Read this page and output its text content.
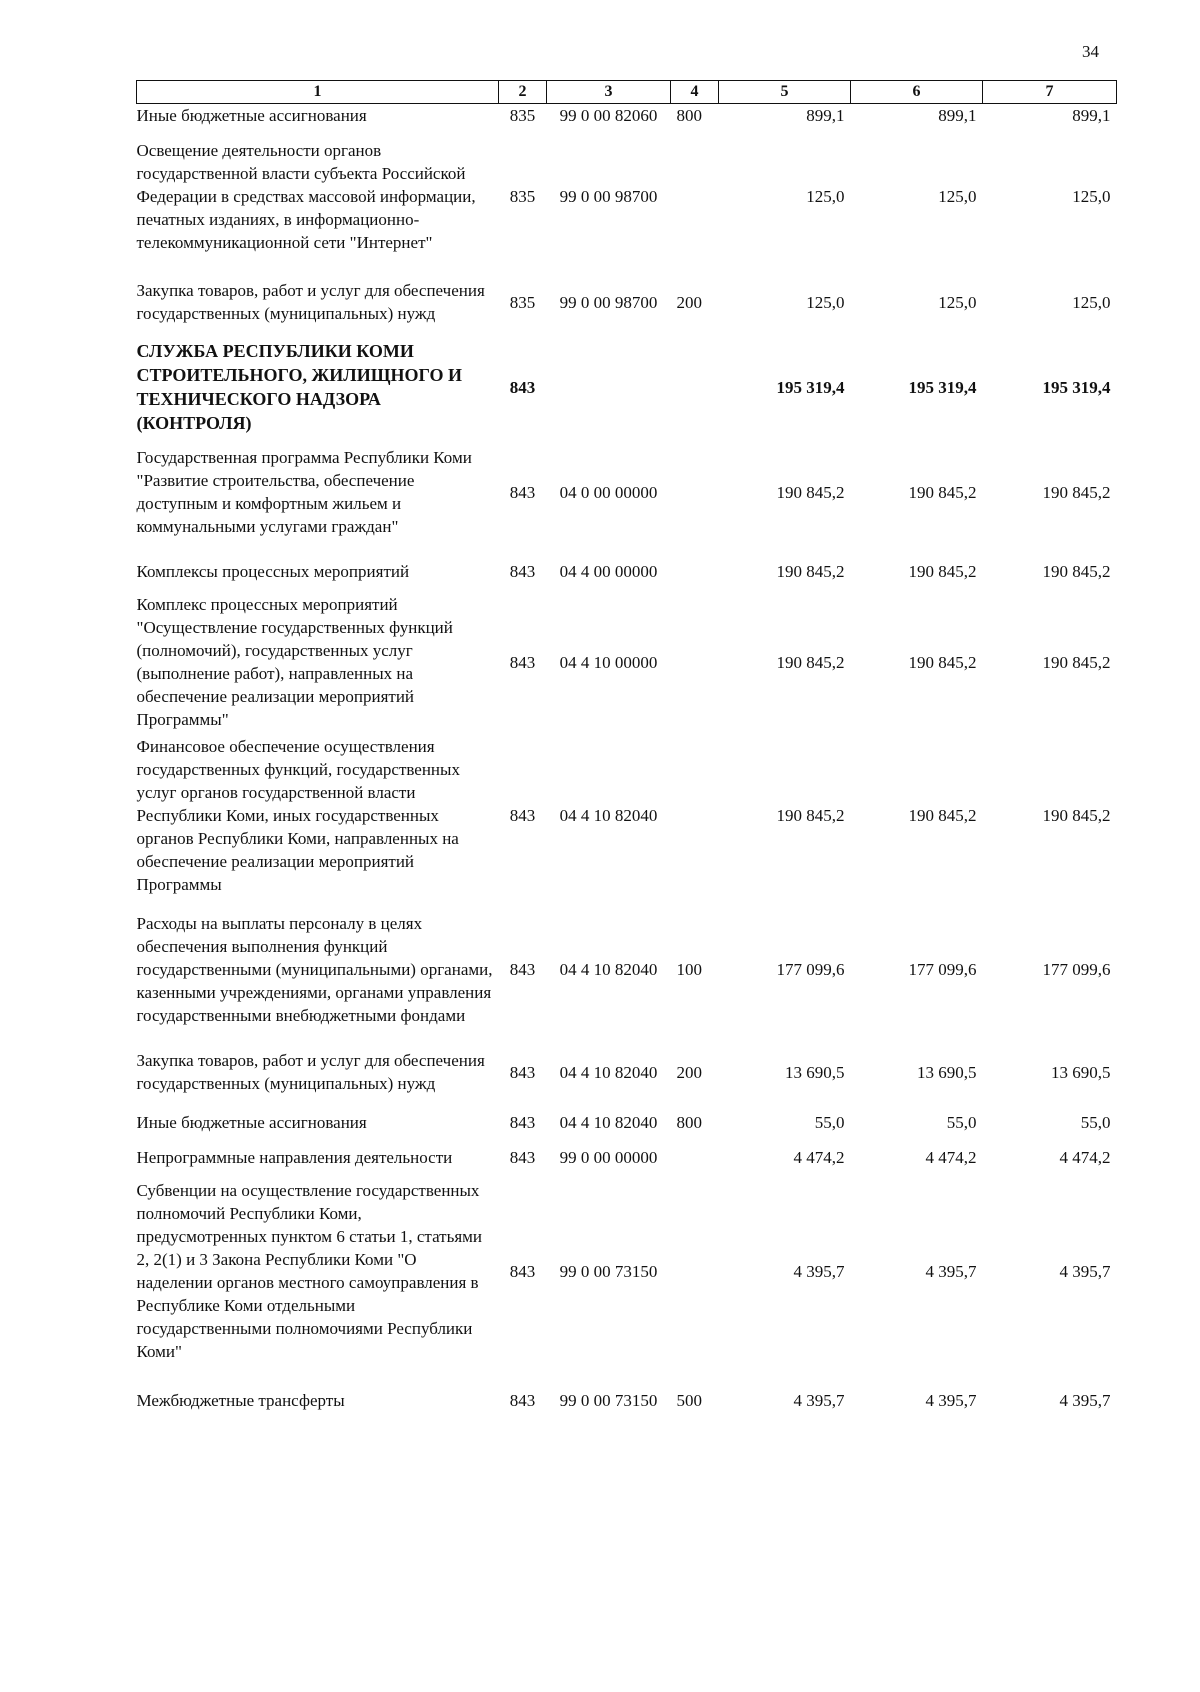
34
1	2	3	4	5	6	7
Иные бюджетные ассигнования	835	99 0 00 82060	800	899,1	899,1	899,1
Освещение деятельности органов государственной власти субъекта Российской Федерации в средствах массовой информации, печатных изданиях, в информационно-телекоммуникационной сети "Интернет"	835	99 0 00 98700		125,0	125,0	125,0
Закупка товаров, работ и услуг для обеспечения государственных (муниципальных) нужд	835	99 0 00 98700	200	125,0	125,0	125,0
СЛУЖБА РЕСПУБЛИКИ КОМИ СТРОИТЕЛЬНОГО, ЖИЛИЩНОГО И ТЕХНИЧЕСКОГО НАДЗОРА (КОНТРОЛЯ)	843			195 319,4	195 319,4	195 319,4
Государственная программа Республики Коми "Развитие строительства, обеспечение доступным и комфортным жильем и коммунальными услугами граждан"	843	04 0 00 00000		190 845,2	190 845,2	190 845,2
Комплексы процессных мероприятий	843	04 4 00 00000		190 845,2	190 845,2	190 845,2
Комплекс процессных мероприятий "Осуществление государственных функций (полномочий), государственных услуг (выполнение работ), направленных на обеспечение реализации мероприятий Программы"	843	04 4 10 00000		190 845,2	190 845,2	190 845,2
Финансовое обеспечение осуществления государственных функций, государственных услуг органов государственной власти Республики Коми, иных государственных органов Республики Коми, направленных на обеспечение реализации мероприятий Программы	843	04 4 10 82040		190 845,2	190 845,2	190 845,2
Расходы на выплаты персоналу в целях обеспечения выполнения функций государственными (муниципальными) органами, казенными учреждениями, органами управления государственными внебюджетными фондами	843	04 4 10 82040	100	177 099,6	177 099,6	177 099,6
Закупка товаров, работ и услуг для обеспечения государственных (муниципальных) нужд	843	04 4 10 82040	200	13 690,5	13 690,5	13 690,5
Иные бюджетные ассигнования	843	04 4 10 82040	800	55,0	55,0	55,0
Непрограммные направления деятельности	843	99 0 00 00000		4 474,2	4 474,2	4 474,2
Субвенции на осуществление государственных полномочий Республики Коми, предусмотренных пунктом 6 статьи 1, статьями 2, 2(1) и 3 Закона Республики Коми "О наделении органов местного самоуправления в Республике Коми отдельными государственными полномочиями Республики Коми"	843	99 0 00 73150		4 395,7	4 395,7	4 395,7
Межбюджетные трансферты	843	99 0 00 73150	500	4 395,7	4 395,7	4 395,7
